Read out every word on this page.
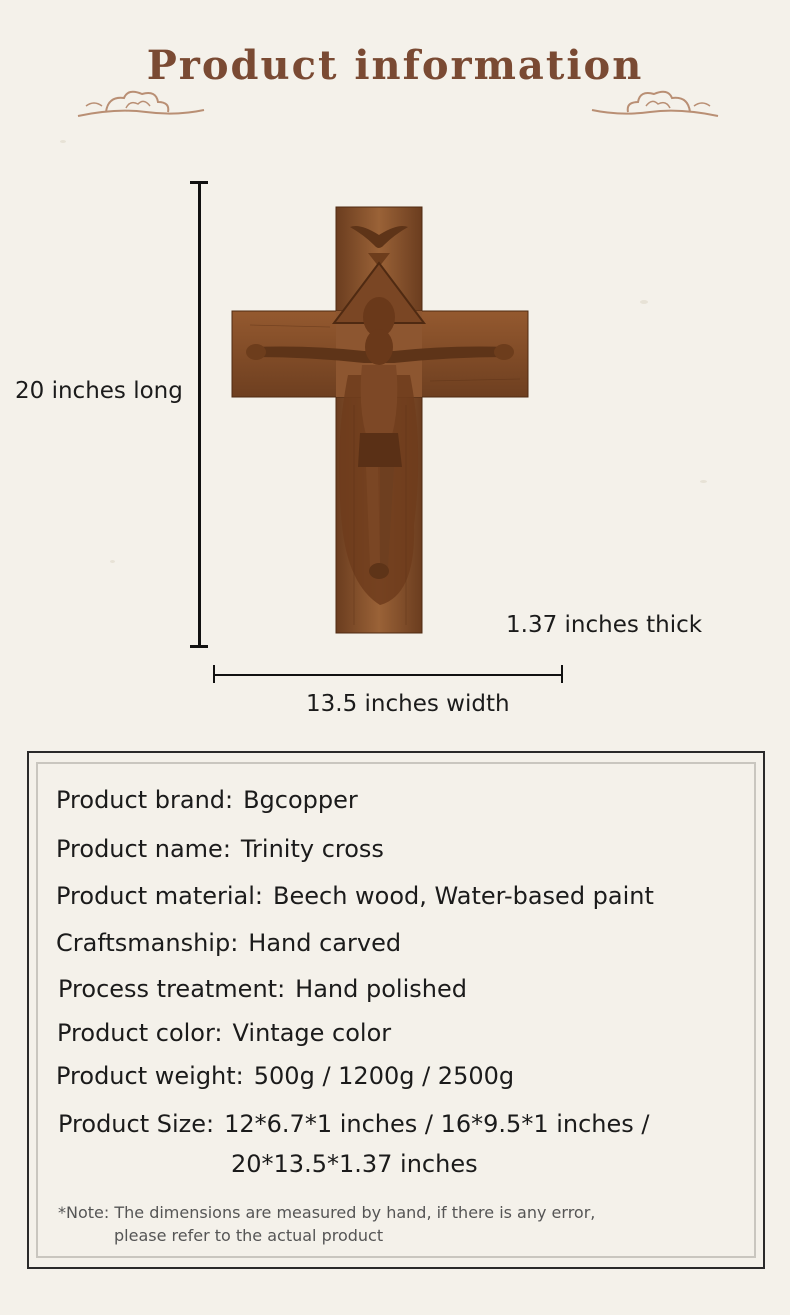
Product information
20 inches long
1.37 inches thick
13.5 inches width
Product brand: Bgcopper
Product name: Trinity cross
Product material: Beech wood, Water-based paint
Craftsmanship: Hand carved
Process treatment: Hand polished
Product color: Vintage color
Product weight: 500g / 1200g / 2500g
Product Size: 12*6.7*1 inches / 16*9.5*1 inches /
20*13.5*1.37 inches
*Note: The dimensions are measured by hand, if there is any error,
please refer to the actual product
